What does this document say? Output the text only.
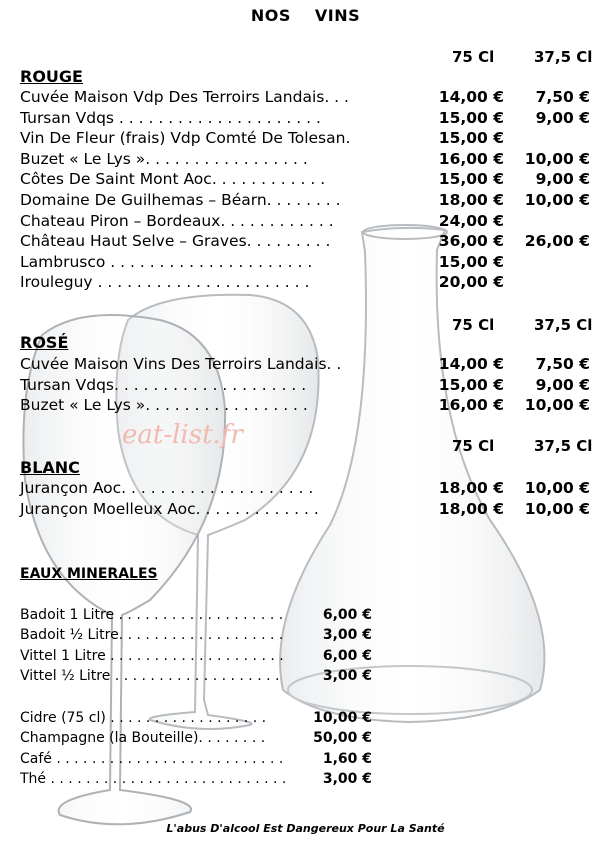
NOS VINS
75 Cl	37,5 Cl
ROUGE
Cuvée Maison Vdp Des Terroirs Landais. . .	14,00 €	7,50 €
Tursan Vdqs . . . . . . . . . . . . . . . . . . . . .	15,00 €	9,00 €
Vin De Fleur (frais) Vdp Comté De Tolesan.	15,00 €
Buzet « Le Lys ». . . . . . . . . . . . . . . . .	16,00 €	10,00 €
Côtes De Saint Mont Aoc. . . . . . . . . . . .	15,00 €	9,00 €
Domaine De Guilhemas – Béarn. . . . . . . .	18,00 €	10,00 €
Chateau Piron – Bordeaux. . . . . . . . . . . .	24,00 €
Château Haut Selve – Graves. . . . . . . . .	36,00 €	26,00 €
Lambrusco . . . . . . . . . . . . . . . . . . . . .	15,00 €
Irouleguy . . . . . . . . . . . . . . . . . . . . . .	20,00 €
75 Cl	37,5 Cl
ROSÉ
Cuvée Maison Vins Des Terroirs Landais. .	14,00 €	7,50 €
Tursan Vdqs. . . . . . . . . . . . . . . . . . . .	15,00 €	9,00 €
Buzet « Le Lys ». . . . . . . . . . . . . . . . .	16,00 €	10,00 €
eat-list.fr	75 Cl	37,5 Cl
BLANC
Jurançon Aoc. . . . . . . . . . . . . . . . . . . .	18,00 €	10,00 €
Jurançon Moelleux Aoc. . . . . . . . . . . . .	18,00 €	10,00 €
EAUX MINERALES
Badoit 1 Litre . . . . . . . . . . . . . . . . . . .	6,00 €
Badoit ½ Litre. . . . . . . . . . . . . . . . . . .	3,00 €
Vittel 1 Litre . . . . . . . . . . . . . . . . . . . .	6,00 €
Vittel ½ Litre . . . . . . . . . . . . . . . . . . .	3,00 €
Cidre (75 cl) . . . . . . . . . . . . . . . . . .	10,00 €
Champagne (la Bouteille). . . . . . . .	50,00 €
Café . . . . . . . . . . . . . . . . . . . . . . . . . .	1,60 €
Thé . . . . . . . . . . . . . . . . . . . . . . . . . . .	3,00 €
L'abus D'alcool Est Dangereux Pour La Santé
